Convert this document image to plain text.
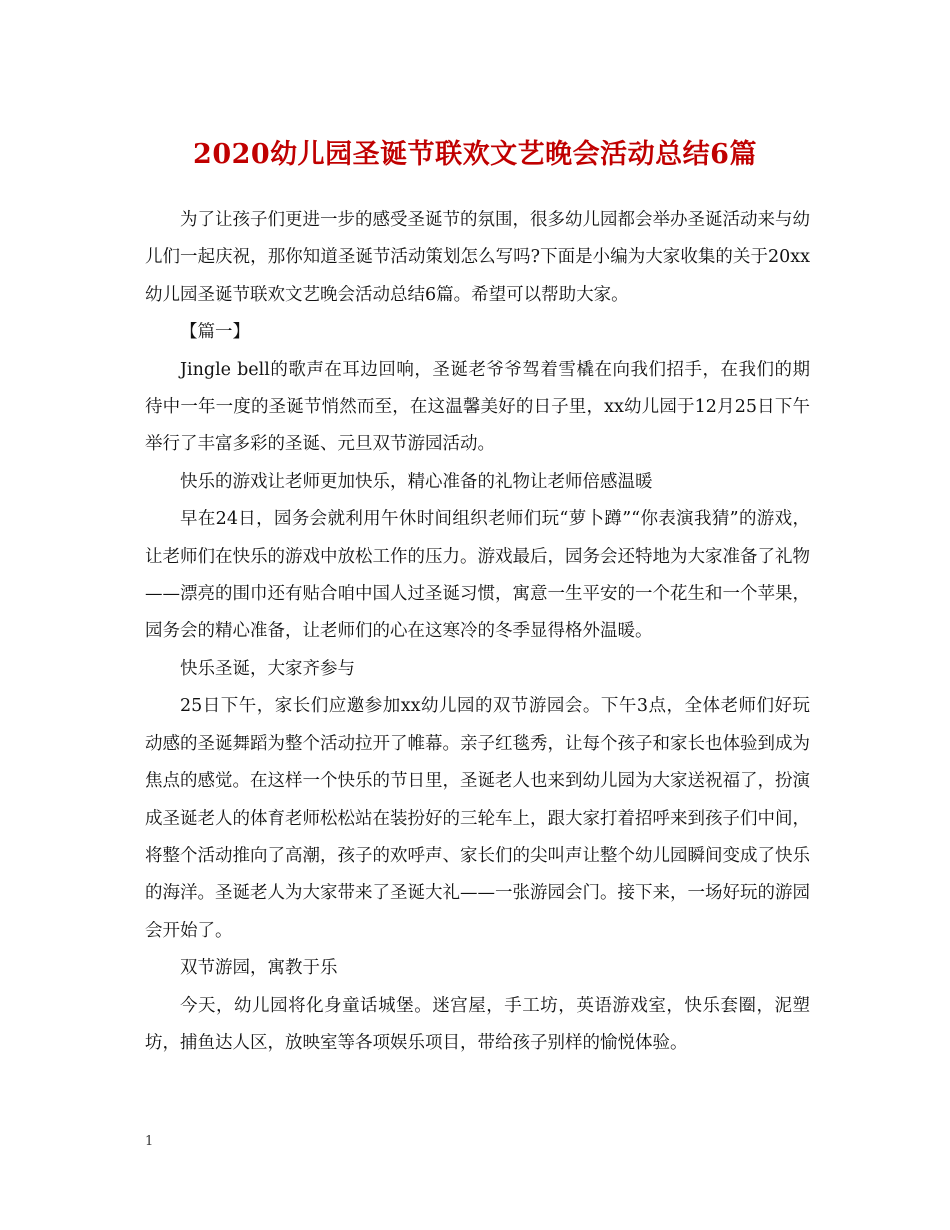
2020幼儿园圣诞节联欢文艺晚会活动总结6篇

为了让孩子们更进一步的感受圣诞节的氛围，很多幼儿园都会举办圣诞活动来与幼儿们一起庆祝，那你知道圣诞节活动策划怎么写吗?下面是小编为大家收集的关于20xx幼儿园圣诞节联欢文艺晚会活动总结6篇。希望可以帮助大家。

【篇一】

Jingle bell的歌声在耳边回响，圣诞老爷爷驾着雪橇在向我们招手，在我们的期待中一年一度的圣诞节悄然而至，在这温馨美好的日子里，xx幼儿园于12月25日下午举行了丰富多彩的圣诞、元旦双节游园活动。

快乐的游戏让老师更加快乐，精心准备的礼物让老师倍感温暖

早在24日，园务会就利用午休时间组织老师们玩“萝卜蹲”“你表演我猜”的游戏，让老师们在快乐的游戏中放松工作的压力。游戏最后，园务会还特地为大家准备了礼物——漂亮的围巾还有贴合咱中国人过圣诞习惯，寓意一生平安的一个花生和一个苹果，园务会的精心准备，让老师们的心在这寒冷的冬季显得格外温暖。

快乐圣诞，大家齐参与

25日下午，家长们应邀参加xx幼儿园的双节游园会。下午3点，全体老师们好玩动感的圣诞舞蹈为整个活动拉开了帷幕。亲子红毯秀，让每个孩子和家长也体验到成为焦点的感觉。在这样一个快乐的节日里，圣诞老人也来到幼儿园为大家送祝福了，扮演成圣诞老人的体育老师松松站在装扮好的三轮车上，跟大家打着招呼来到孩子们中间，将整个活动推向了高潮，孩子的欢呼声、家长们的尖叫声让整个幼儿园瞬间变成了快乐的海洋。圣诞老人为大家带来了圣诞大礼——一张游园会门。接下来，一场好玩的游园会开始了。

双节游园，寓教于乐

今天，幼儿园将化身童话城堡。迷宫屋，手工坊，英语游戏室，快乐套圈，泥塑坊，捕鱼达人区，放映室等各项娱乐项目，带给孩子别样的愉悦体验。

1
